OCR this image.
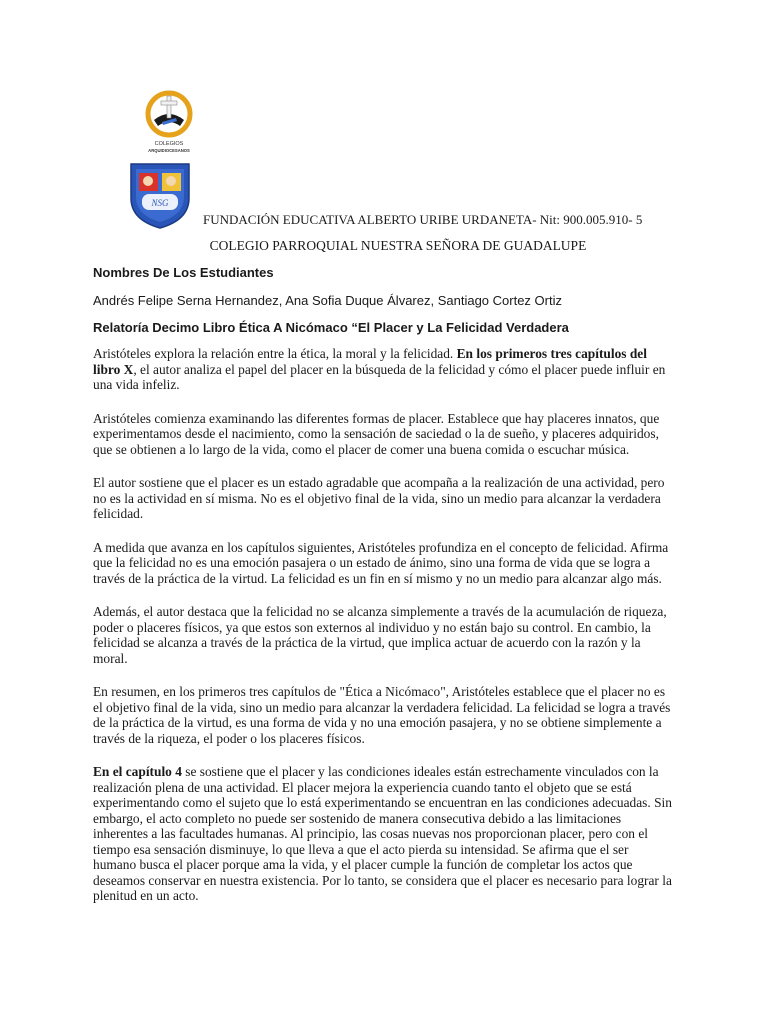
COLEGIOS
ARQUIDIOCESANOS
NSG
FUNDACIÓN EDUCATIVA ALBERTO URIBE URDANETA- Nit: 900.005.910- 5
COLEGIO PARROQUIAL NUESTRA SEÑORA DE GUADALUPE
Nombres De Los Estudiantes
Andrés Felipe Serna Hernandez, Ana Sofia Duque Álvarez, Santiago Cortez Ortiz
Relatoría Decimo Libro Ética A Nicómaco “El Placer y La Felicidad Verdadera

Aristóteles explora la relación entre la ética, la moral y la felicidad. En los primeros tres capítulos del libro X, el autor analiza el papel del placer en la búsqueda de la felicidad y cómo el placer puede influir en una vida infeliz.

Aristóteles comienza examinando las diferentes formas de placer. Establece que hay placeres innatos, que experimentamos desde el nacimiento, como la sensación de saciedad o la de sueño, y placeres adquiridos, que se obtienen a lo largo de la vida, como el placer de comer una buena comida o escuchar música.

El autor sostiene que el placer es un estado agradable que acompaña a la realización de una actividad, pero no es la actividad en sí misma. No es el objetivo final de la vida, sino un medio para alcanzar la verdadera felicidad.

A medida que avanza en los capítulos siguientes, Aristóteles profundiza en el concepto de felicidad. Afirma que la felicidad no es una emoción pasajera o un estado de ánimo, sino una forma de vida que se logra a través de la práctica de la virtud. La felicidad es un fin en sí mismo y no un medio para alcanzar algo más.

Además, el autor destaca que la felicidad no se alcanza simplemente a través de la acumulación de riqueza, poder o placeres físicos, ya que estos son externos al individuo y no están bajo su control. En cambio, la felicidad se alcanza a través de la práctica de la virtud, que implica actuar de acuerdo con la razón y la moral.

En resumen, en los primeros tres capítulos de "Ética a Nicómaco", Aristóteles establece que el placer no es el objetivo final de la vida, sino un medio para alcanzar la verdadera felicidad. La felicidad se logra a través de la práctica de la virtud, es una forma de vida y no una emoción pasajera, y no se obtiene simplemente a través de la riqueza, el poder o los placeres físicos.

En el capítulo 4 se sostiene que el placer y las condiciones ideales están estrechamente vinculados con la realización plena de una actividad. El placer mejora la experiencia cuando tanto el objeto que se está experimentando como el sujeto que lo está experimentando se encuentran en las condiciones adecuadas. Sin embargo, el acto completo no puede ser sostenido de manera consecutiva debido a las limitaciones inherentes a las facultades humanas. Al principio, las cosas nuevas nos proporcionan placer, pero con el tiempo esa sensación disminuye, lo que lleva a que el acto pierda su intensidad. Se afirma que el ser humano busca el placer porque ama la vida, y el placer cumple la función de completar los actos que deseamos conservar en nuestra existencia. Por lo tanto, se considera que el placer es necesario para lograr la plenitud en un acto.
